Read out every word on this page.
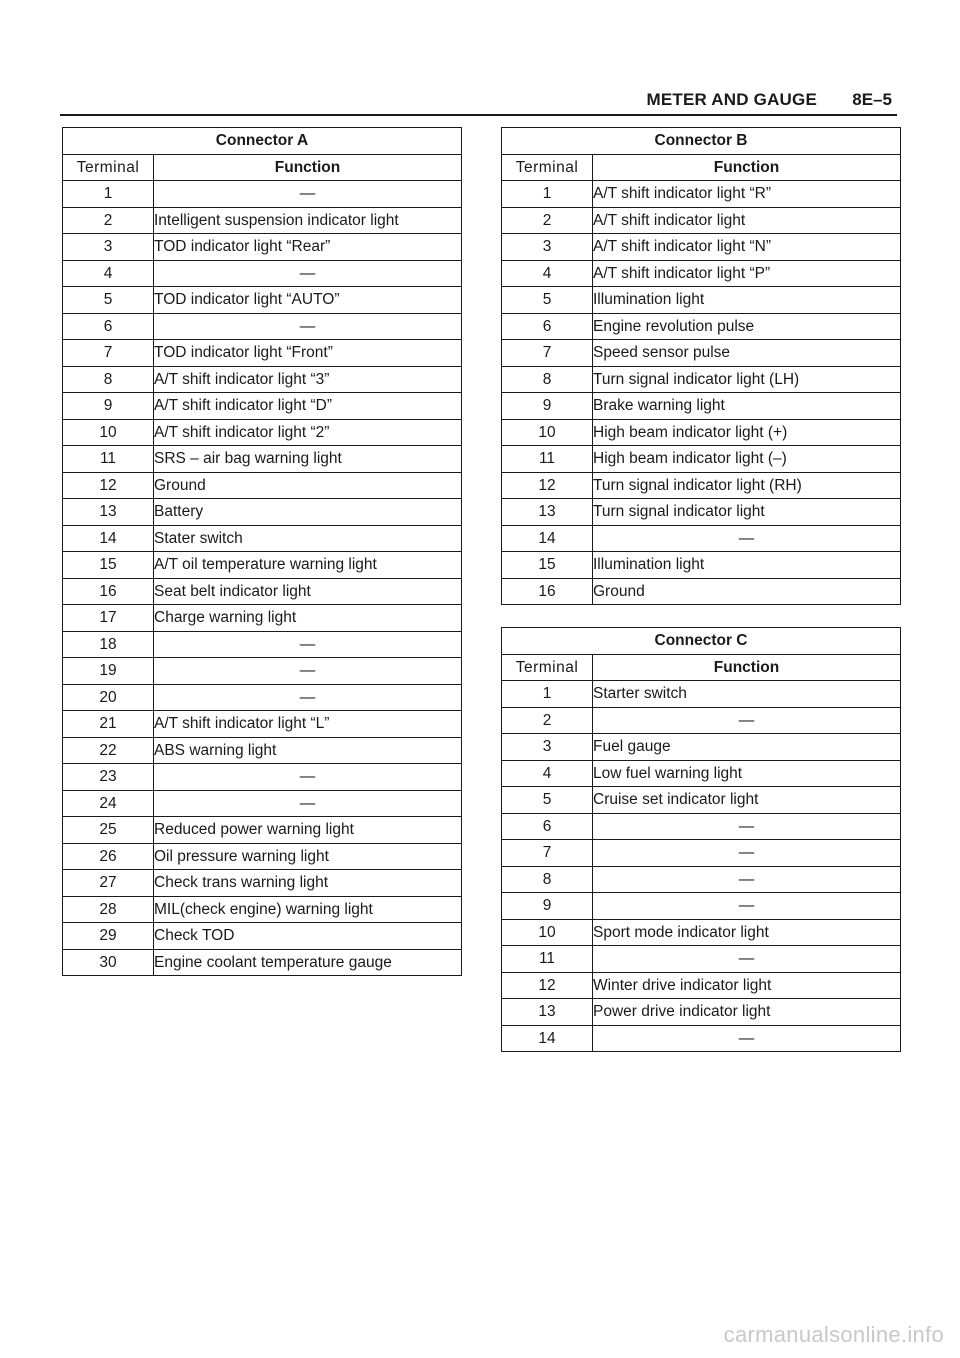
METER AND GAUGE 8E–5
Connector A	
Terminal	Function
1	—
2	Intelligent suspension indicator light
3	TOD indicator light “Rear”
4	—
5	TOD indicator light “AUTO”
6	—
7	TOD indicator light “Front”
8	A/T shift indicator light “3”
9	A/T shift indicator light “D”
10	A/T shift indicator light “2”
11	SRS – air bag warning light
12	Ground
13	Battery
14	Stater switch
15	A/T oil temperature warning light
16	Seat belt indicator light
17	Charge warning light
18	—
19	—
20	—
21	A/T shift indicator light “L”
22	ABS warning light
23	—
24	—
25	Reduced power warning light
26	Oil pressure warning light
27	Check trans warning light
28	MIL(check engine) warning light
29	Check TOD
30	Engine coolant temperature gauge
Connector B	
Terminal	Function
1	A/T shift indicator light “R”
2	A/T shift indicator light
3	A/T shift indicator light “N”
4	A/T shift indicator light “P”
5	Illumination light
6	Engine revolution pulse
7	Speed sensor pulse
8	Turn signal indicator light (LH)
9	Brake warning light
10	High beam indicator light (+)
11	High beam indicator light (–)
12	Turn signal indicator light (RH)
13	Turn signal indicator light
14	—
15	Illumination light
16	Ground
Connector C	
Terminal	Function
1	Starter switch
2	—
3	Fuel gauge
4	Low fuel warning light
5	Cruise set indicator light
6	—
7	—
8	—
9	—
10	Sport mode indicator light
11	—
12	Winter drive indicator light
13	Power drive indicator light
14	—
carmanualsonline.info
